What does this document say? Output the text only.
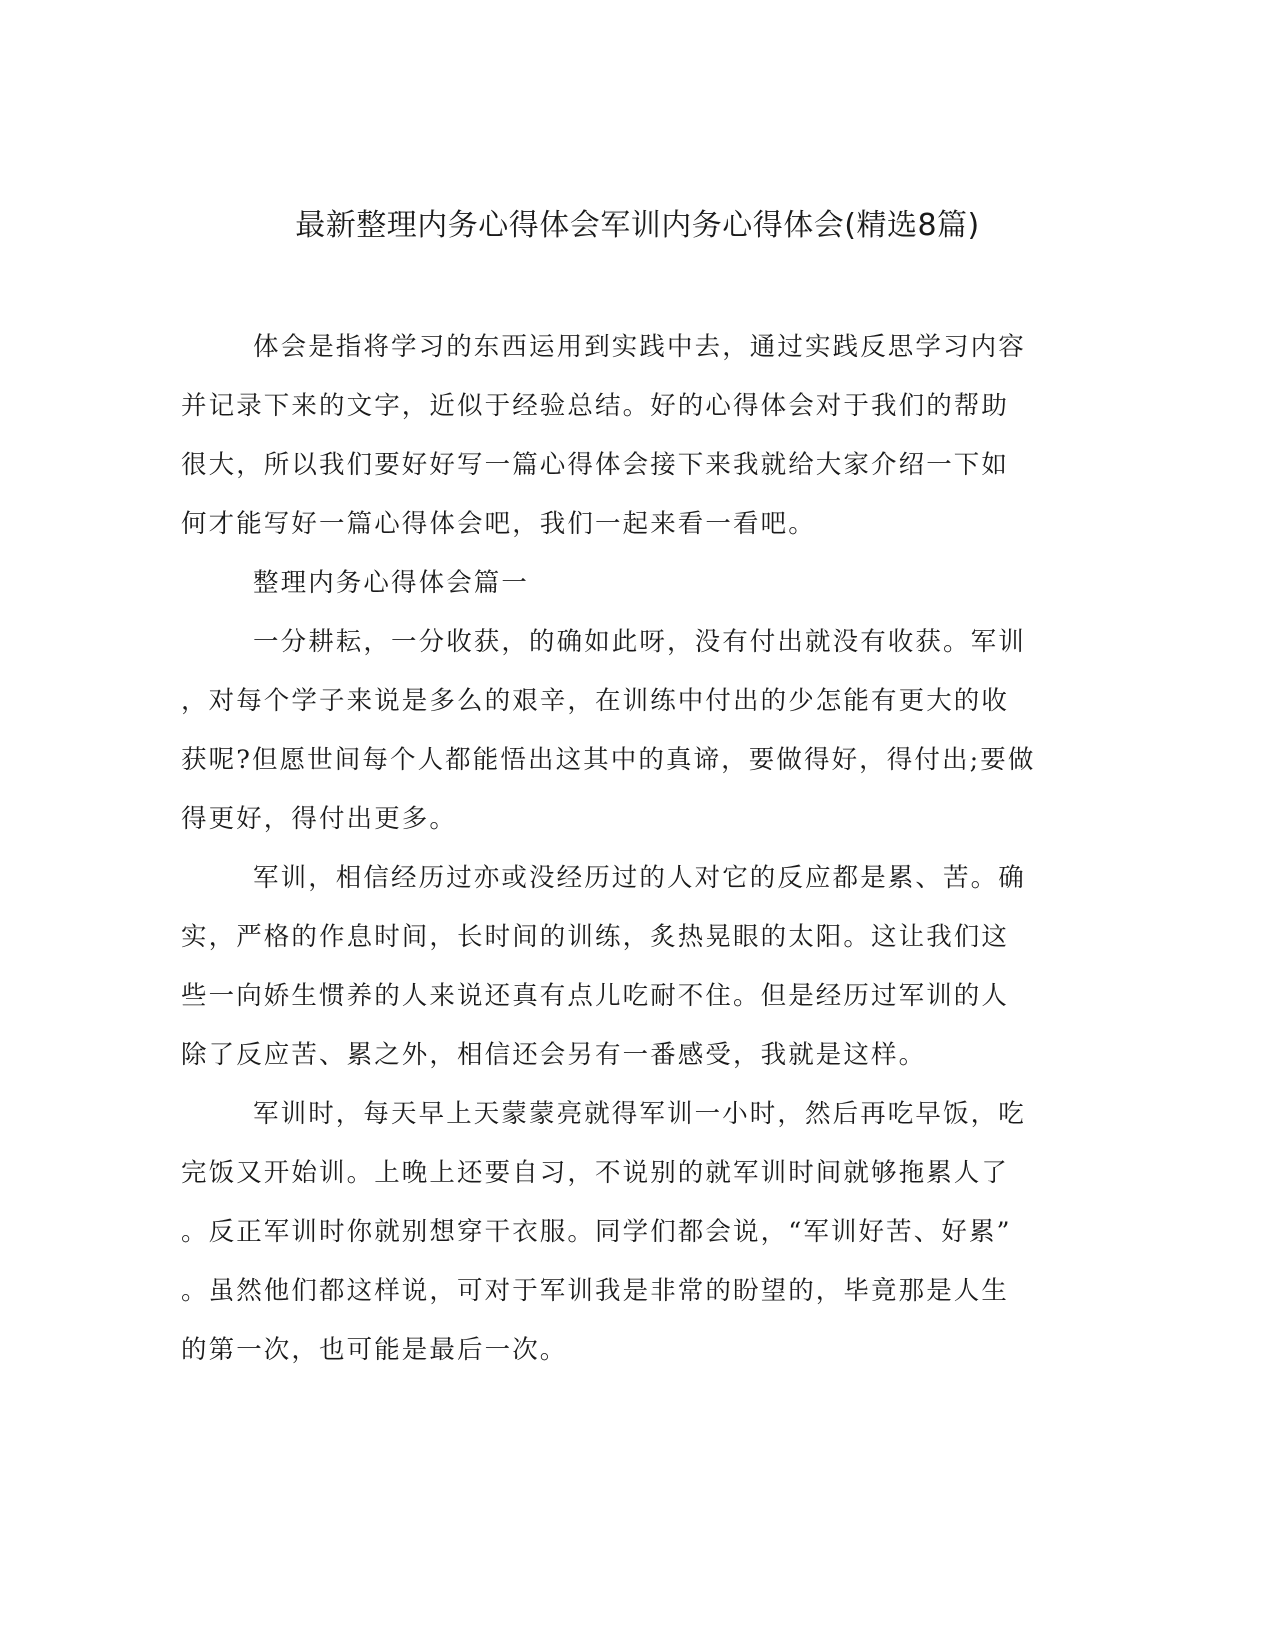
最新整理内务心得体会军训内务心得体会(精选8篇)
体会是指将学习的东西运用到实践中去，通过实践反思学习内容
并记录下来的文字，近似于经验总结。好的心得体会对于我们的帮助
很大，所以我们要好好写一篇心得体会接下来我就给大家介绍一下如
何才能写好一篇心得体会吧，我们一起来看一看吧。
整理内务心得体会篇一
一分耕耘，一分收获，的确如此呀，没有付出就没有收获。军训
，对每个学子来说是多么的艰辛，在训练中付出的少怎能有更大的收
获呢?但愿世间每个人都能悟出这其中的真谛，要做得好，得付出;要做
得更好，得付出更多。
军训，相信经历过亦或没经历过的人对它的反应都是累、苦。确
实，严格的作息时间，长时间的训练，炙热晃眼的太阳。这让我们这
些一向娇生惯养的人来说还真有点儿吃耐不住。但是经历过军训的人
除了反应苦、累之外，相信还会另有一番感受，我就是这样。
军训时，每天早上天蒙蒙亮就得军训一小时，然后再吃早饭，吃
完饭又开始训。上晚上还要自习，不说别的就军训时间就够拖累人了
。反正军训时你就别想穿干衣服。同学们都会说，“军训好苦、好累”
。虽然他们都这样说，可对于军训我是非常的盼望的，毕竟那是人生
的第一次，也可能是最后一次。
